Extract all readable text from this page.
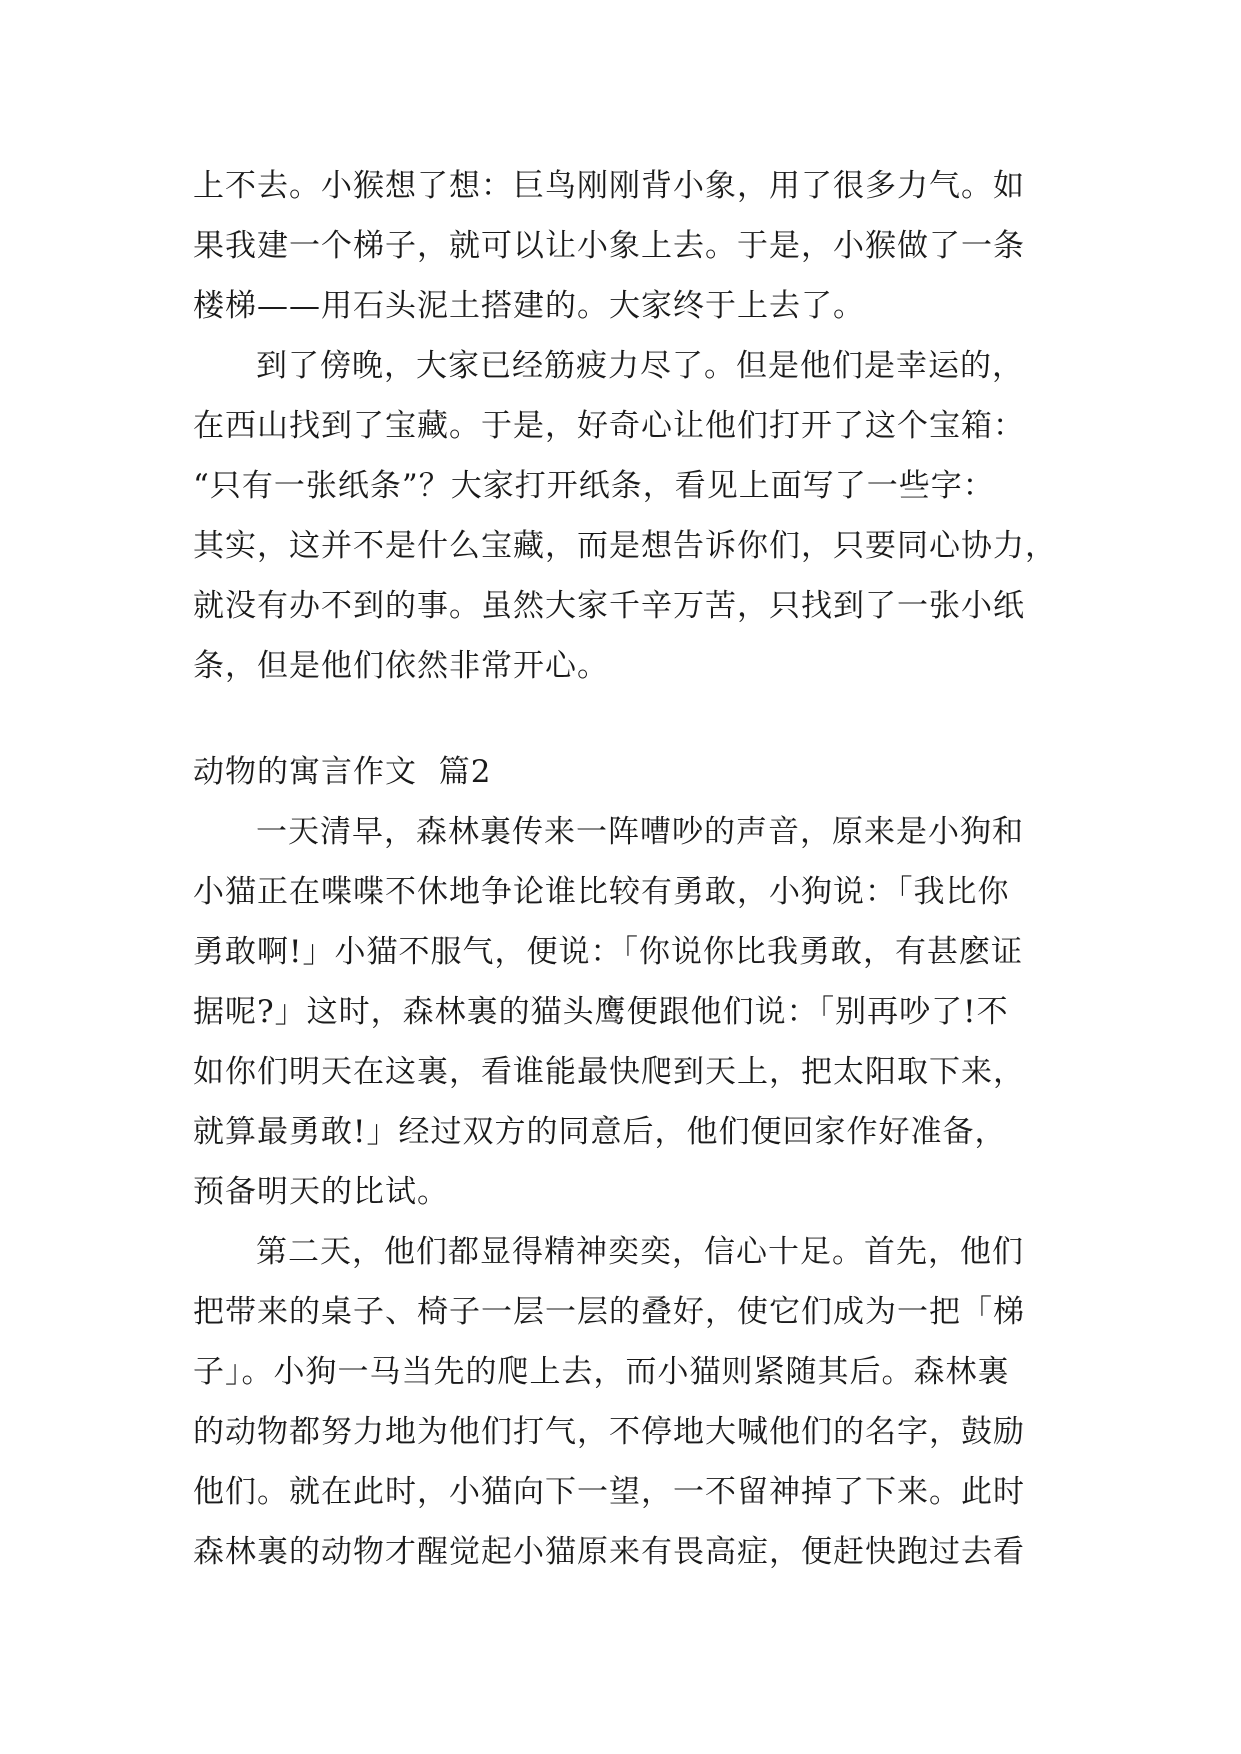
上不去。小猴想了想：巨鸟刚刚背小象，用了很多力气。如
果我建一个梯子，就可以让小象上去。于是，小猴做了一条
楼梯——用石头泥土搭建的。大家终于上去了。
到了傍晚，大家已经筋疲力尽了。但是他们是幸运的，
在西山找到了宝藏。于是，好奇心让他们打开了这个宝箱：
“只有一张纸条”？大家打开纸条，看见上面写了一些字：
其实，这并不是什么宝藏，而是想告诉你们，只要同心协力，
就没有办不到的事。虽然大家千辛万苦，只找到了一张小纸
条，但是他们依然非常开心。
动物的寓言作文  篇2
一天清早，森林裏传来一阵嘈吵的声音，原来是小狗和
小猫正在喋喋不休地争论谁比较有勇敢，小狗说：「我比你
勇敢啊!」小猫不服气，便说：「你说你比我勇敢，有甚麽证
据呢?」这时，森林裏的猫头鹰便跟他们说：「别再吵了!不
如你们明天在这裏，看谁能最快爬到天上，把太阳取下来，
就算最勇敢!」经过双方的同意后，他们便回家作好准备，
预备明天的比试。
第二天，他们都显得精神奕奕，信心十足。首先，他们
把带来的桌子、椅子一层一层的叠好，使它们成为一把「梯
子」。小狗一马当先的爬上去，而小猫则紧随其后。森林裏
的动物都努力地为他们打气，不停地大喊他们的名字，鼓励
他们。就在此时，小猫向下一望，一不留神掉了下来。此时
森林裏的动物才醒觉起小猫原来有畏高症，便赶快跑过去看
